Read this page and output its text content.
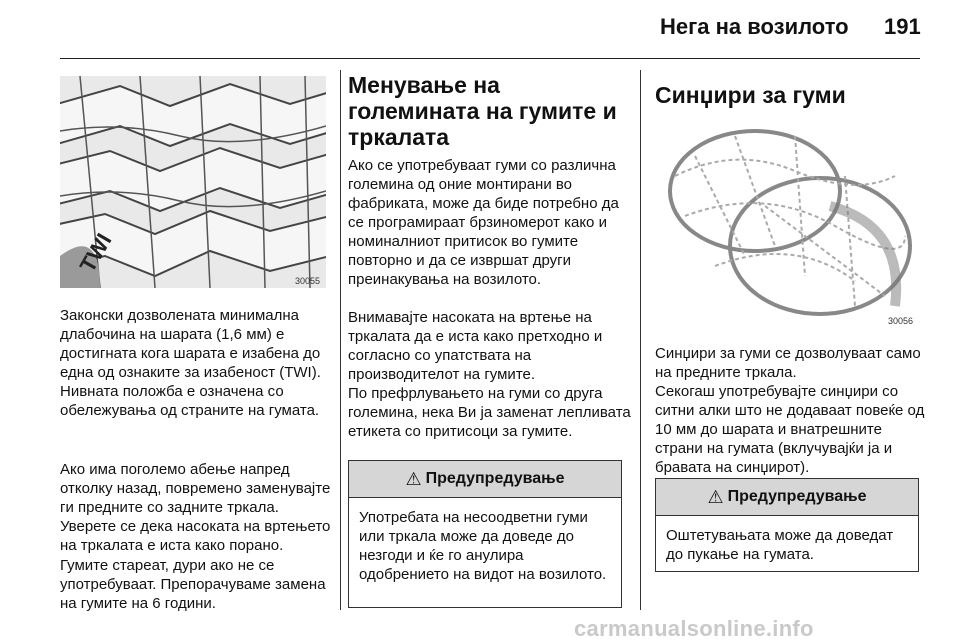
Нега на возилото 191
TWI
30055

Законски дозволената минимална длабочина на шарата (1,6 мм) е достигната кога шарата е изабена до една од ознаките за изабеност (TWI). Нивната положба е означена со обележувања од страните на гумата.

Ако има поголемо абење напред отколку назад, повремено заменувајте ги предните со задните тркала. Уверете се дека насоката на вртењето на тркалата е иста како порано.

Гумите стареат, дури ако не се употребуваат. Препорачуваме замена на гумите на 6 години.

Менување на големината на гумите и тркалата

Ако се употребуваат гуми со различна големина од оние монтирани во фабриката, може да биде потребно да се програмираат брзиномерот како и номиналниот притисок во гумите повторно и да се извршат други преинакувања на возилото.

Внимавајте насоката на вртење на тркалата да е иста како претходно и согласно со упатствата на производителот на гумите.

По префрлувањето на гуми со друга големина, нека Ви ја заменат лепливата етикета со притисоци за гумите.

⚠ Предупредување
Употребата на несоодветни гуми или тркала може да доведе до незгоди и ќе го анулира одобрението на видот на возилото.
Синџири за гуми
30056

Синџири за гуми се дозволуваат само на предните тркала.

Секогаш употребувајте синџири со ситни алки што не додаваат повеќе од 10 мм до шарата и внатрешните страни на гумата (вклучувајќи ја и бравата на синџирот).

⚠ Предупредување
Оштетувањата може да доведат до пукање на гумата.
carmanualsonline.info
